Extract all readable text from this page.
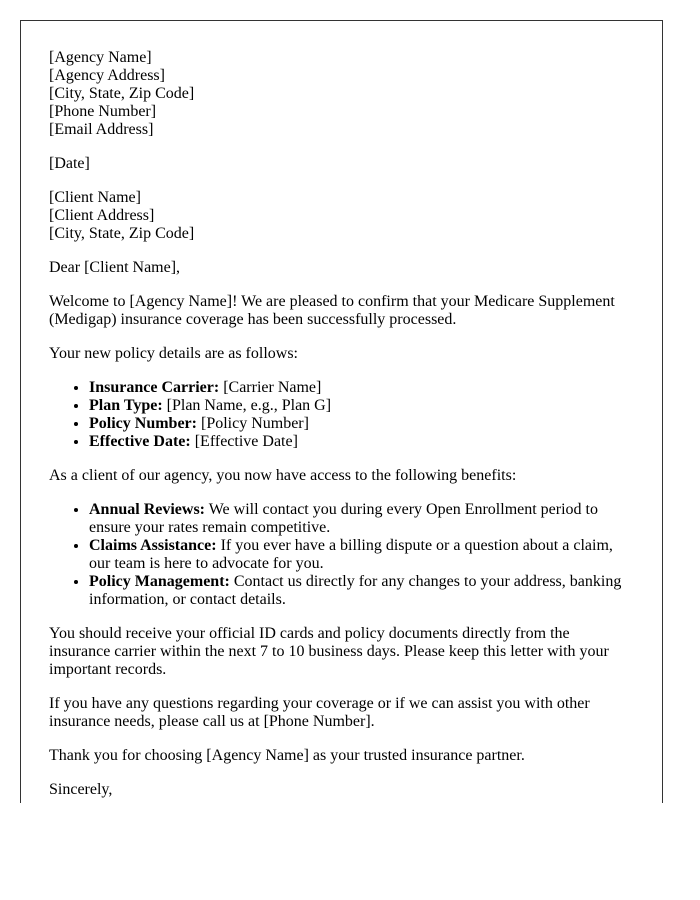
[Agency Name]
[Agency Address]
[City, State, Zip Code]
[Phone Number]
[Email Address]

[Date]

[Client Name]
[Client Address]
[City, State, Zip Code]

Dear [Client Name],

Welcome to [Agency Name]! We are pleased to confirm that your Medicare Supplement (Medigap) insurance coverage has been successfully processed.

Your new policy details are as follows:

• Insurance Carrier: [Carrier Name]
• Plan Type: [Plan Name, e.g., Plan G]
• Policy Number: [Policy Number]
• Effective Date: [Effective Date]

As a client of our agency, you now have access to the following benefits:

• Annual Reviews: We will contact you during every Open Enrollment period to ensure your rates remain competitive.
• Claims Assistance: If you ever have a billing dispute or a question about a claim, our team is here to advocate for you.
• Policy Management: Contact us directly for any changes to your address, banking information, or contact details.

You should receive your official ID cards and policy documents directly from the insurance carrier within the next 7 to 10 business days. Please keep this letter with your important records.

If you have any questions regarding your coverage or if we can assist you with other insurance needs, please call us at [Phone Number].

Thank you for choosing [Agency Name] as your trusted insurance partner.

Sincerely,
